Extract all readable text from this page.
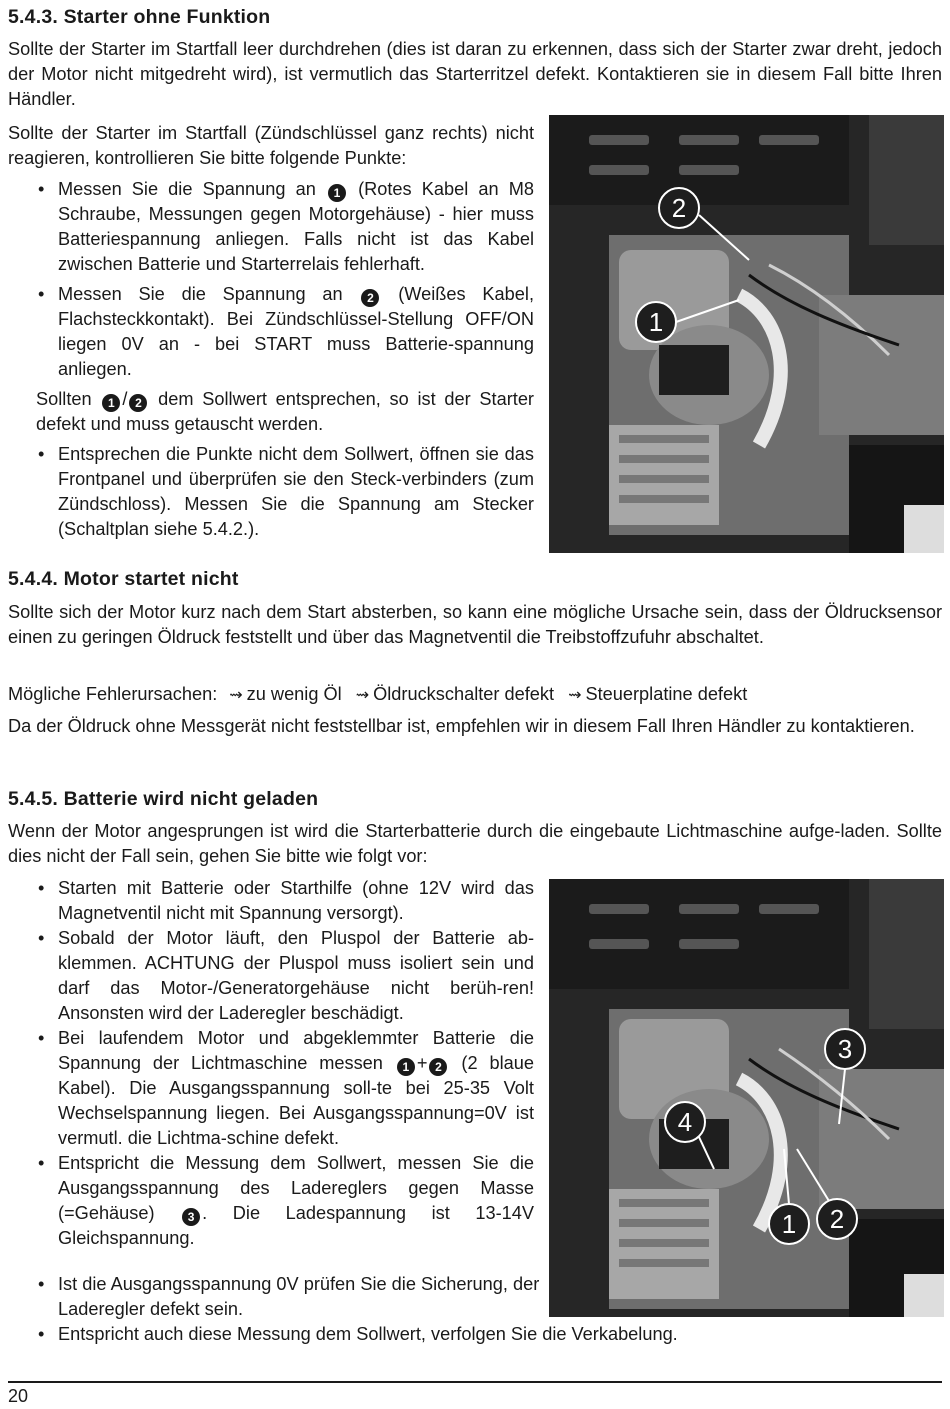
5.4.3. Starter ohne Funktion

Sollte der Starter im Startfall leer durchdrehen (dies ist daran zu erkennen, dass sich der Starter zwar dreht, jedoch der Motor nicht mitgedreht wird), ist vermutlich das Starterritzel defekt. Kontaktieren sie in diesem Fall bitte Ihren Händler.

Sollte der Starter im Startfall (Zündschlüssel ganz rechts) nicht reagieren, kontrollieren Sie bitte folgende Punkte:

• Messen Sie die Spannung an 1 (Rotes Kabel an M8 Schraube, Messungen gegen Motorgehäuse) - hier muss Batteriespannung anliegen. Falls nicht ist das Kabel zwischen Batterie und Starterrelais fehlerhaft.
• Messen Sie die Spannung an 2 (Weißes Kabel, Flachsteckkontakt). Bei Zündschlüssel-Stellung OFF/ON liegen 0V an - bei START muss Batterie-spannung anliegen.

Sollten 1 / 2 dem Sollwert entsprechen, so ist der Starter defekt und muss getauscht werden.

• Entsprechen die Punkte nicht dem Sollwert, öffnen sie das Frontpanel und überprüfen sie den Steck-verbinders (zum Zündschloss). Messen Sie die Spannung am Stecker (Schaltplan siehe 5.4.2.).
2
1
5.4.4. Motor startet nicht

Sollte sich der Motor kurz nach dem Start absterben, so kann eine mögliche Ursache sein, dass der Öldrucksensor einen zu geringen Öldruck feststellt und über das Magnetventil die Treibstoffzufuhr abschaltet.

Mögliche Fehlerursachen: ⇝ zu wenig Öl ⇝ Öldruckschalter defekt ⇝ Steuerplatine defekt

Da der Öldruck ohne Messgerät nicht feststellbar ist, empfehlen wir in diesem Fall Ihren Händler zu kontaktieren.

5.4.5. Batterie wird nicht geladen

Wenn der Motor angesprungen ist wird die Starterbatterie durch die eingebaute Lichtmaschine aufge-laden. Sollte dies nicht der Fall sein, gehen Sie bitte wie folgt vor:

• Starten mit Batterie oder Starthilfe (ohne 12V wird das Magnetventil nicht mit Spannung versorgt).
• Sobald der Motor läuft, den Pluspol der Batterie ab-klemmen. ACHTUNG der Pluspol muss isoliert sein und darf das Motor-/Generatorgehäuse nicht berüh-ren! Ansonsten wird der Laderegler beschädigt.
• Bei laufendem Motor und abgeklemmter Batterie die Spannung der Lichtmaschine messen 1 + 2 (2 blaue Kabel). Die Ausgangsspannung soll-te bei 25-35 Volt Wechselspannung liegen. Bei Ausgangsspannung=0V ist vermutl. die Lichtma-schine defekt.
• Entspricht die Messung dem Sollwert, messen Sie die Ausgangsspannung des Ladereglers gegen Masse (=Gehäuse)	3 . Die Ladespannung ist 13-14V Gleichspannung.
• Ist die Ausgangsspannung 0V prüfen Sie die Sicherung, der Laderegler defekt sein.
3
4
1 2
• Entspricht auch diese Messung dem Sollwert, verfolgen Sie die Verkabelung.
20
